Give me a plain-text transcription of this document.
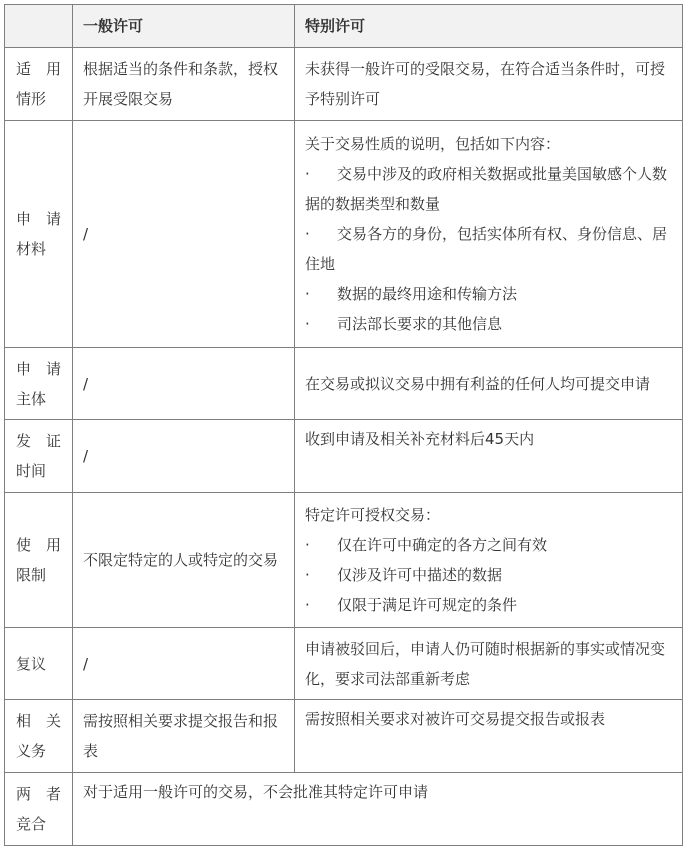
	一般许可	特别许可
适　用
情形	根据适当的条件和条款，授权开展受限交易	未获得一般许可的受限交易，在符合适当条件时，可授予特别许可
申　请
材料	/	关于交易性质的说明，包括如下内容：
· 交易中涉及的政府相关数据或批量美国敏感个人数据的数据类型和数量
· 交易各方的身份，包括实体所有权、身份信息、居住地
· 数据的最终用途和传输方法
· 司法部长要求的其他信息

申　请
主体	/	在交易或拟议交易中拥有利益的任何人均可提交申请
发　证
时间	/	收到申请及相关补充材料后45天内
使　用
限制	不限定特定的人或特定的交易	特定许可授权交易：
· 仅在许可中确定的各方之间有效
· 仅涉及许可中描述的数据
· 仅限于满足许可规定的条件

复议	/	申请被驳回后，申请人仍可随时根据新的事实或情况变化，要求司法部重新考虑
相　关
义务	需按照相关要求提交报告和报表	需按照相关要求对被许可交易提交报告或报表
两　者
竞合	对于适用一般许可的交易，不会批准其特定许可申请	
